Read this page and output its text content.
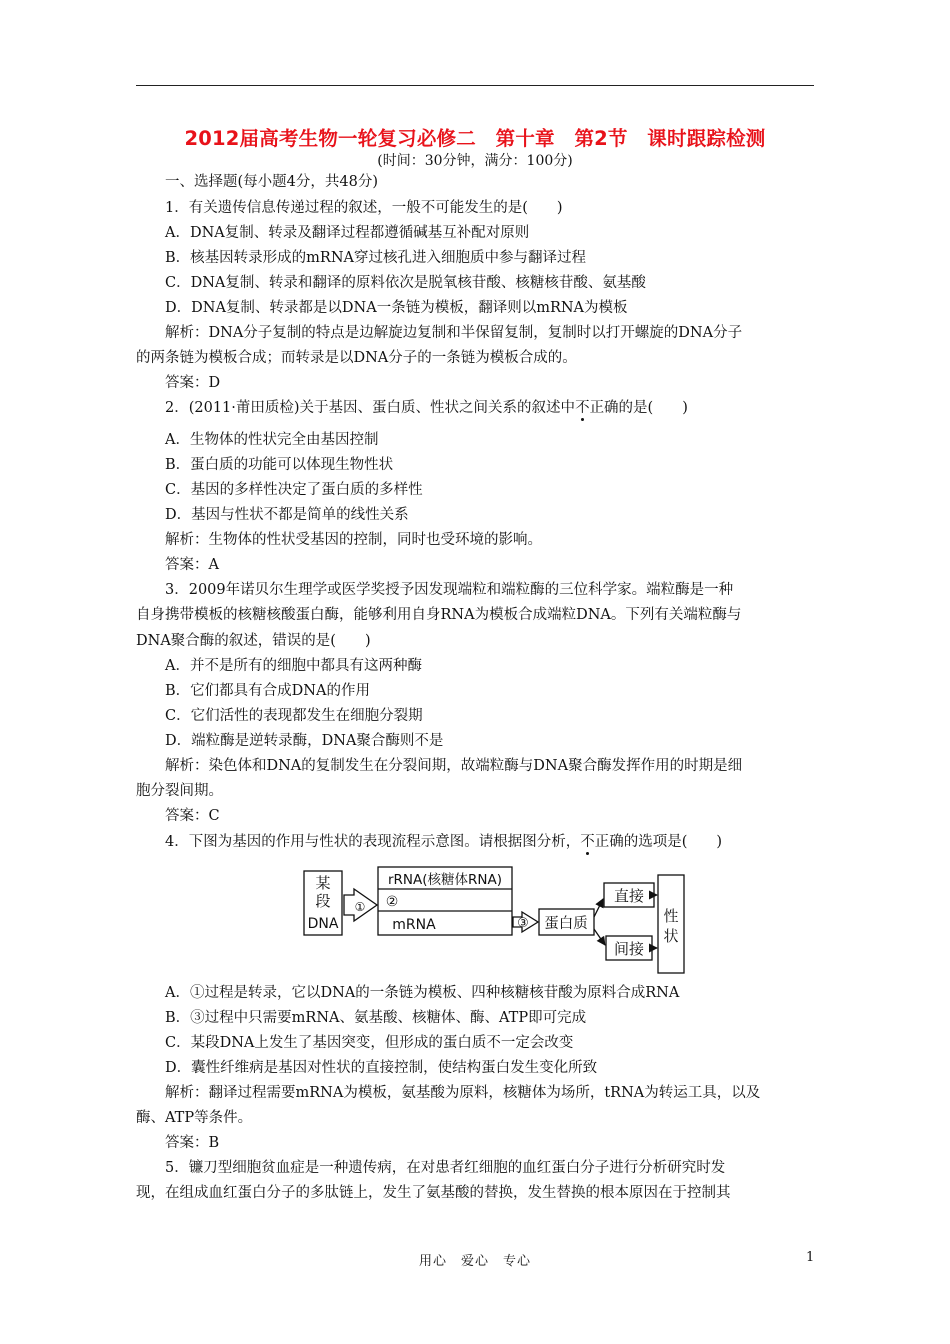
2012届高考生物一轮复习必修二　第十章　第2节　课时跟踪检测
(时间：30分钟，满分：100分)
一、选择题(每小题4分，共48分)
1．有关遗传信息传递过程的叙述，一般不可能发生的是(　　)
A．DNA复制、转录及翻译过程都遵循碱基互补配对原则
B．核基因转录形成的mRNA穿过核孔进入细胞质中参与翻译过程
C．DNA复制、转录和翻译的原料依次是脱氧核苷酸、核糖核苷酸、氨基酸
D．DNA复制、转录都是以DNA一条链为模板，翻译则以mRNA为模板
解析：DNA分子复制的特点是边解旋边复制和半保留复制，复制时以打开螺旋的DNA分子
的两条链为模板合成；而转录是以DNA分子的一条链为模板合成的。
答案：D
2．(2011·莆田质检)关于基因、蛋白质、性状之间关系的叙述中不正确的是(　　)
A．生物体的性状完全由基因控制
B．蛋白质的功能可以体现生物性状
C．基因的多样性决定了蛋白质的多样性
D．基因与性状不都是简单的线性关系
解析：生物体的性状受基因的控制，同时也受环境的影响。
答案：A
3．2009年诺贝尔生理学或医学奖授予因发现端粒和端粒酶的三位科学家。端粒酶是一种
自身携带模板的核糖核酸蛋白酶，能够利用自身RNA为模板合成端粒DNA。下列有关端粒酶与
DNA聚合酶的叙述，错误的是(　　)
A．并不是所有的细胞中都具有这两种酶
B．它们都具有合成DNA的作用
C．它们活性的表现都发生在细胞分裂期
D．端粒酶是逆转录酶，DNA聚合酶则不是
解析：染色体和DNA的复制发生在分裂间期，故端粒酶与DNA聚合酶发挥作用的时期是细
胞分裂间期。
答案：C
4．下图为基因的作用与性状的表现流程示意图。请根据图分析，不正确的选项是(　　)
某
段
DNA
① ②
③
rRNA(核糖体RNA)
mRNA	蛋白质
直接
间接
性
状
A．①过程是转录，它以DNA的一条链为模板、四种核糖核苷酸为原料合成RNA
B．③过程中只需要mRNA、氨基酸、核糖体、酶、ATP即可完成
C．某段DNA上发生了基因突变，但形成的蛋白质不一定会改变
D．囊性纤维病是基因对性状的直接控制，使结构蛋白发生变化所致
解析：翻译过程需要mRNA为模板，氨基酸为原料，核糖体为场所，tRNA为转运工具，以及
酶、ATP等条件。
答案：B
5．镰刀型细胞贫血症是一种遗传病，在对患者红细胞的血红蛋白分子进行分析研究时发
现，在组成血红蛋白分子的多肽链上，发生了氨基酸的替换，发生替换的根本原因在于控制其
用心　爱心　专心	1
